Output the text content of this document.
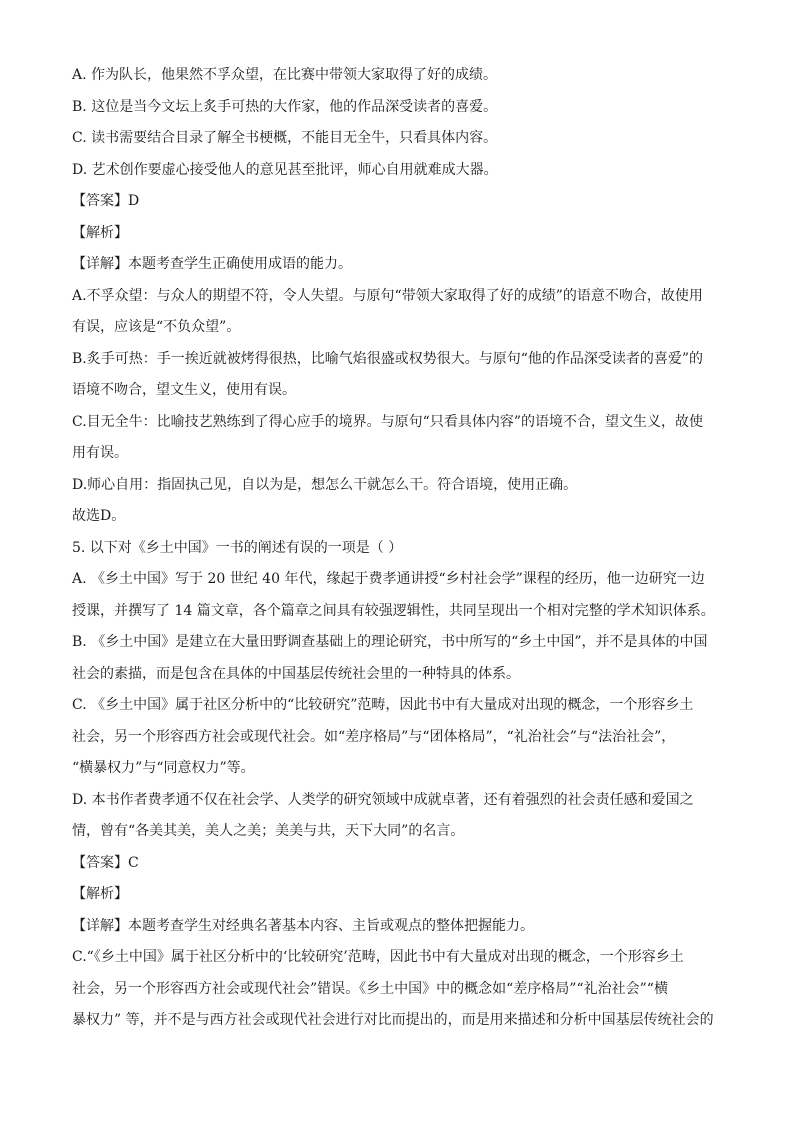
A. 作为队长，他果然不孚众望，在比赛中带领大家取得了好的成绩。
B. 这位是当今文坛上炙手可热的大作家，他的作品深受读者的喜爱。
C. 读书需要结合目录了解全书梗概，不能目无全牛，只看具体内容。
D. 艺术创作要虚心接受他人的意见甚至批评，师心自用就难成大器。
【答案】D
【解析】
【详解】本题考查学生正确使用成语的能力。
A.不孚众望：与众人的期望不符，令人失望。与原句“带领大家取得了好的成绩”的语意不吻合，故使用
有误，应该是“不负众望”。
B.炙手可热：手一挨近就被烤得很热，比喻气焰很盛或权势很大。与原句“他的作品深受读者的喜爱”的
语境不吻合，望文生义，使用有误。
C.目无全牛：比喻技艺熟练到了得心应手的境界。与原句“只看具体内容”的语境不合，望文生义，故使
用有误。
D.师心自用：指固执己见，自以为是，想怎么干就怎么干。符合语境，使用正确。
故选D。
5. 以下对《乡土中国》一书的阐述有误的一项是（ ）
A. 《乡土中国》写于 20 世纪 40 年代，缘起于费孝通讲授“乡村社会学”课程的经历，他一边研究一边
授课，并撰写了 14 篇文章，各个篇章之间具有较强逻辑性，共同呈现出一个相对完整的学术知识体系。
B. 《乡土中国》是建立在大量田野调查基础上的理论研究，书中所写的“乡土中国”，并不是具体的中国
社会的素描，而是包含在具体的中国基层传统社会里的一种特具的体系。
C. 《乡土中国》属于社区分析中的“比较研究”范畴，因此书中有大量成对出现的概念，一个形容乡土
社会，另一个形容西方社会或现代社会。如“差序格局”与“团体格局”，“礼治社会”与“法治社会”，
“横暴权力”与“同意权力”等。
D. 本书作者费孝通不仅在社会学、人类学的研究领域中成就卓著，还有着强烈的社会责任感和爱国之
情，曾有“各美其美，美人之美；美美与共，天下大同”的名言。
【答案】C
【解析】
【详解】本题考查学生对经典名著基本内容、主旨或观点的整体把握能力。
C.“《乡土中国》属于社区分析中的‘比较研究’范畴，因此书中有大量成对出现的概念，一个形容乡土
社会，另一个形容西方社会或现代社会”错误。《乡土中国》中的概念如“差序格局”“礼治社会”“横
暴权力” 等，并不是与西方社会或现代社会进行对比而提出的，而是用来描述和分析中国基层传统社会的
